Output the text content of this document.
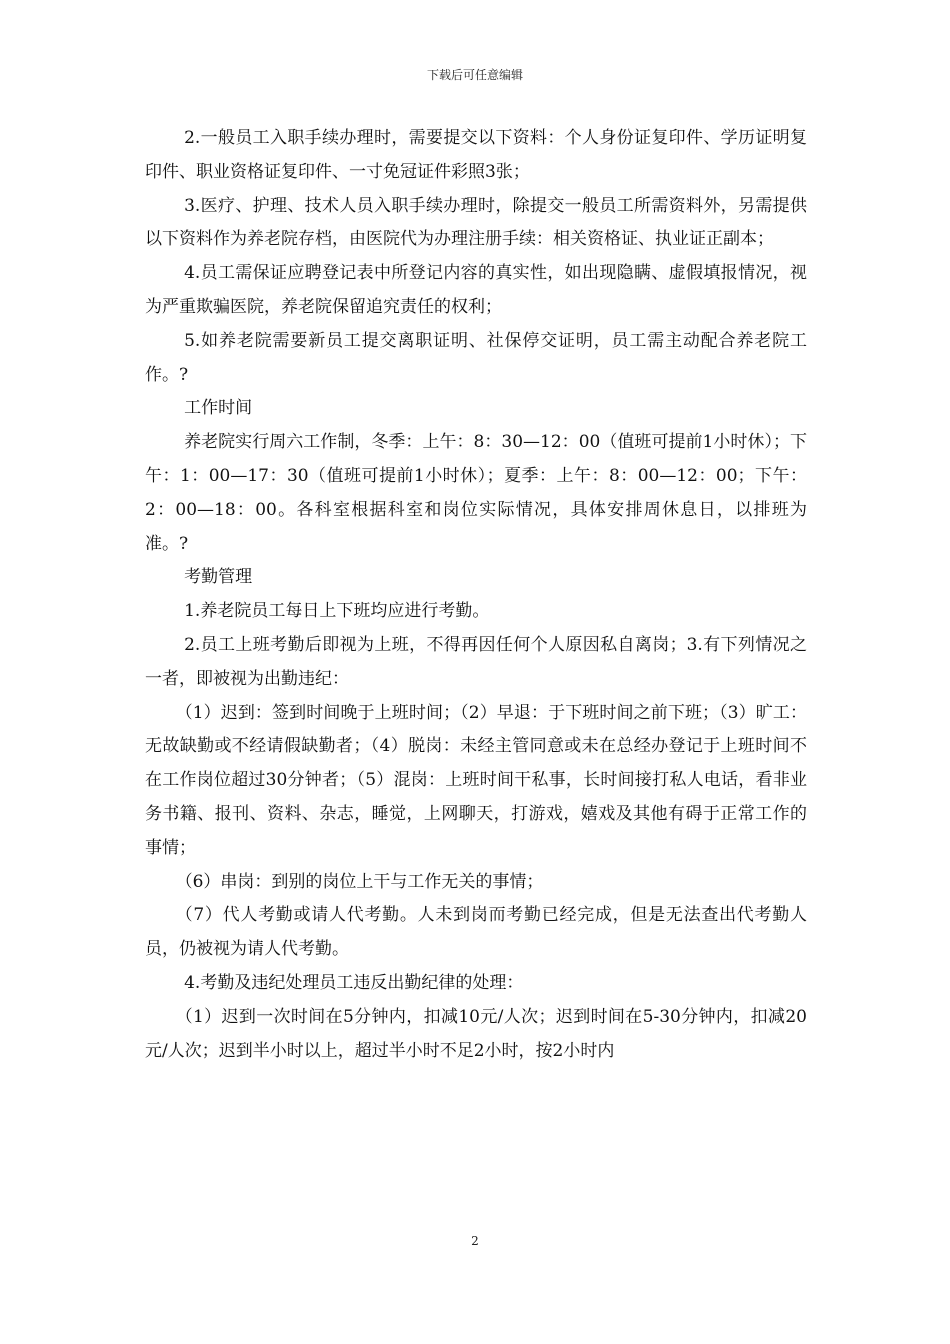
下载后可任意编辑

2.一般员工入职手续办理时，需要提交以下资料：个人身份证复印件、学历证明复印件、职业资格证复印件、一寸免冠证件彩照3张；

3.医疗、护理、技术人员入职手续办理时，除提交一般员工所需资料外，另需提供以下资料作为养老院存档，由医院代为办理注册手续：相关资格证、执业证正副本；

4.员工需保证应聘登记表中所登记内容的真实性，如出现隐瞒、虚假填报情况，视为严重欺骗医院，养老院保留追究责任的权利；

5.如养老院需要新员工提交离职证明、社保停交证明，员工需主动配合养老院工作。?

工作时间

养老院实行周六工作制，冬季：上午：8：30—12：00（值班可提前1小时休）；下午：1：00—17：30（值班可提前1小时休）；夏季：上午：8：00—12：00；下午：2：00—18：00。各科室根据科室和岗位实际情况，具体安排周休息日，以排班为准。?

考勤管理

1.养老院员工每日上下班均应进行考勤。

2.员工上班考勤后即视为上班，不得再因任何个人原因私自离岗；3.有下列情况之一者，即被视为出勤违纪：

（1）迟到：签到时间晚于上班时间；（2）早退：于下班时间之前下班；（3）旷工：无故缺勤或不经请假缺勤者；（4）脱岗：未经主管同意或未在总经办登记于上班时间不在工作岗位超过30分钟者；（5）混岗：上班时间干私事，长时间接打私人电话，看非业务书籍、报刊、资料、杂志，睡觉，上网聊天，打游戏，嬉戏及其他有碍于正常工作的事情；

（6）串岗：到别的岗位上干与工作无关的事情；

（7）代人考勤或请人代考勤。人未到岗而考勤已经完成，但是无法查出代考勤人员，仍被视为请人代考勤。

4.考勤及违纪处理员工违反出勤纪律的处理：

（1）迟到一次时间在5分钟内，扣减10元/人次；迟到时间在5-30分钟内，扣减20元/人次；迟到半小时以上，超过半小时不足2小时，按2小时内

2
